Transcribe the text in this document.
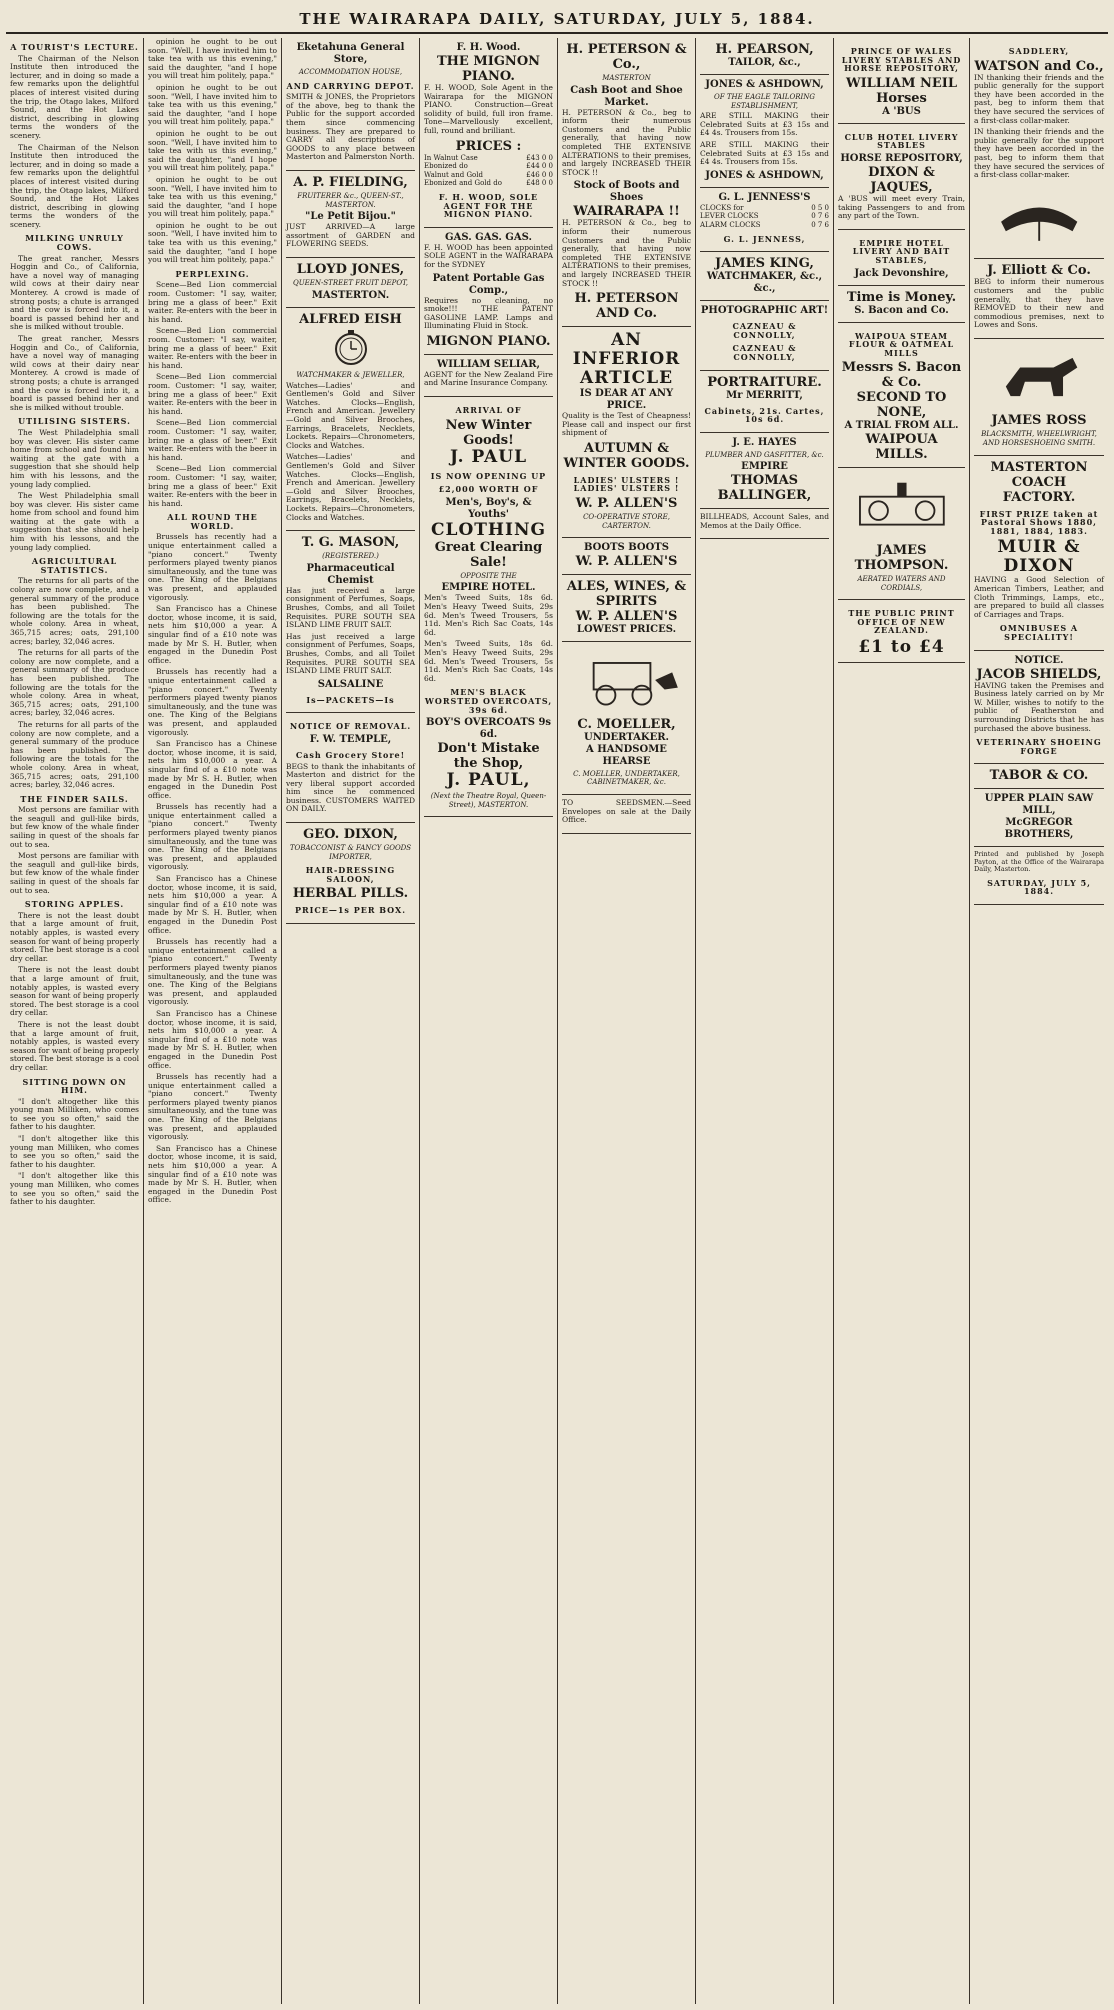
THE WAIRARAPA DAILY, SATURDAY, JULY 5, 1884.
A TOURIST'S LECTURE.

The Chairman of the Nelson Institute then introduced the lecturer, and in doing so made a few remarks upon the delightful places of interest visited during the trip, the Otago lakes, Milford Sound, and the Hot Lakes district, describing in glowing terms the wonders of the scenery.

The Chairman of the Nelson Institute then introduced the lecturer, and in doing so made a few remarks upon the delightful places of interest visited during the trip, the Otago lakes, Milford Sound, and the Hot Lakes district, describing in glowing terms the wonders of the scenery.

MILKING UNRULY COWS.

The great rancher, Messrs Hoggin and Co., of California, have a novel way of managing wild cows at their dairy near Monterey. A crowd is made of strong posts; a chute is arranged and the cow is forced into it, a board is passed behind her and she is milked without trouble.

The great rancher, Messrs Hoggin and Co., of California, have a novel way of managing wild cows at their dairy near Monterey. A crowd is made of strong posts; a chute is arranged and the cow is forced into it, a board is passed behind her and she is milked without trouble.

UTILISING SISTERS.

The West Philadelphia small boy was clever. His sister came home from school and found him waiting at the gate with a suggestion that she should help him with his lessons, and the young lady complied.

The West Philadelphia small boy was clever. His sister came home from school and found him waiting at the gate with a suggestion that she should help him with his lessons, and the young lady complied.

AGRICULTURAL STATISTICS.

The returns for all parts of the colony are now complete, and a general summary of the produce has been published. The following are the totals for the whole colony. Area in wheat, 365,715 acres; oats, 291,100 acres; barley, 32,046 acres.

The returns for all parts of the colony are now complete, and a general summary of the produce has been published. The following are the totals for the whole colony. Area in wheat, 365,715 acres; oats, 291,100 acres; barley, 32,046 acres.

The returns for all parts of the colony are now complete, and a general summary of the produce has been published. The following are the totals for the whole colony. Area in wheat, 365,715 acres; oats, 291,100 acres; barley, 32,046 acres.

THE FINDER SAILS.

Most persons are familiar with the seagull and gull-like birds, but few know of the whale finder sailing in quest of the shoals far out to sea.

Most persons are familiar with the seagull and gull-like birds, but few know of the whale finder sailing in quest of the shoals far out to sea.

STORING APPLES.

There is not the least doubt that a large amount of fruit, notably apples, is wasted every season for want of being properly stored. The best storage is a cool dry cellar.

There is not the least doubt that a large amount of fruit, notably apples, is wasted every season for want of being properly stored. The best storage is a cool dry cellar.

There is not the least doubt that a large amount of fruit, notably apples, is wasted every season for want of being properly stored. The best storage is a cool dry cellar.

SITTING DOWN ON HIM.

"I don't altogether like this young man Milliken, who comes to see you so often," said the father to his daughter.

"I don't altogether like this young man Milliken, who comes to see you so often," said the father to his daughter.

"I don't altogether like this young man Milliken, who comes to see you so often," said the father to his daughter.

opinion he ought to be out soon. "Well, I have invited him to take tea with us this evening," said the daughter, "and I hope you will treat him politely, papa."

opinion he ought to be out soon. "Well, I have invited him to take tea with us this evening," said the daughter, "and I hope you will treat him politely, papa."

opinion he ought to be out soon. "Well, I have invited him to take tea with us this evening," said the daughter, "and I hope you will treat him politely, papa."

opinion he ought to be out soon. "Well, I have invited him to take tea with us this evening," said the daughter, "and I hope you will treat him politely, papa."

opinion he ought to be out soon. "Well, I have invited him to take tea with us this evening," said the daughter, "and I hope you will treat him politely, papa."

PERPLEXING.

Scene—Bed Lion commercial room. Customer: "I say, waiter, bring me a glass of beer." Exit waiter. Re-enters with the beer in his hand.

Scene—Bed Lion commercial room. Customer: "I say, waiter, bring me a glass of beer." Exit waiter. Re-enters with the beer in his hand.

Scene—Bed Lion commercial room. Customer: "I say, waiter, bring me a glass of beer." Exit waiter. Re-enters with the beer in his hand.

Scene—Bed Lion commercial room. Customer: "I say, waiter, bring me a glass of beer." Exit waiter. Re-enters with the beer in his hand.

Scene—Bed Lion commercial room. Customer: "I say, waiter, bring me a glass of beer." Exit waiter. Re-enters with the beer in his hand.

ALL ROUND THE WORLD.

Brussels has recently had a unique entertainment called a "piano concert." Twenty performers played twenty pianos simultaneously, and the tune was one. The King of the Belgians was present, and applauded vigorously.

San Francisco has a Chinese doctor, whose income, it is said, nets him $10,000 a year. A singular find of a £10 note was made by Mr S. H. Butler, when engaged in the Dunedin Post office.

Brussels has recently had a unique entertainment called a "piano concert." Twenty performers played twenty pianos simultaneously, and the tune was one. The King of the Belgians was present, and applauded vigorously.

San Francisco has a Chinese doctor, whose income, it is said, nets him $10,000 a year. A singular find of a £10 note was made by Mr S. H. Butler, when engaged in the Dunedin Post office.

Brussels has recently had a unique entertainment called a "piano concert." Twenty performers played twenty pianos simultaneously, and the tune was one. The King of the Belgians was present, and applauded vigorously.

San Francisco has a Chinese doctor, whose income, it is said, nets him $10,000 a year. A singular find of a £10 note was made by Mr S. H. Butler, when engaged in the Dunedin Post office.

Brussels has recently had a unique entertainment called a "piano concert." Twenty performers played twenty pianos simultaneously, and the tune was one. The King of the Belgians was present, and applauded vigorously.

San Francisco has a Chinese doctor, whose income, it is said, nets him $10,000 a year. A singular find of a £10 note was made by Mr S. H. Butler, when engaged in the Dunedin Post office.

Brussels has recently had a unique entertainment called a "piano concert." Twenty performers played twenty pianos simultaneously, and the tune was one. The King of the Belgians was present, and applauded vigorously.

San Francisco has a Chinese doctor, whose income, it is said, nets him $10,000 a year. A singular find of a £10 note was made by Mr S. H. Butler, when engaged in the Dunedin Post office.

Eketahuna General Store,
ACCOMMODATION HOUSE,
AND CARRYING DEPOT.

SMITH & JONES, the Proprietors of the above, beg to thank the Public for the support accorded them since commencing business. They are prepared to CARRY all descriptions of GOODS to any place between Masterton and Palmerston North.

A. P. FIELDING,
FRUITERER &c., QUEEN-ST., MASTERTON.
"Le Petit Bijou."

JUST ARRIVED—A large assortment of GARDEN and FLOWERING SEEDS.

LLOYD JONES,
QUEEN-STREET FRUIT DEPOT,
MASTERTON.
ALFRED EISH
WATCHMAKER & JEWELLER,

Watches—Ladies' and Gentlemen's Gold and Silver Watches. Clocks—English, French and American. Jewellery—Gold and Silver Brooches, Earrings, Bracelets, Necklets, Lockets. Repairs—Chronometers, Clocks and Watches.

Watches—Ladies' and Gentlemen's Gold and Silver Watches. Clocks—English, French and American. Jewellery—Gold and Silver Brooches, Earrings, Bracelets, Necklets, Lockets. Repairs—Chronometers, Clocks and Watches.

T. G. MASON,
(REGISTERED.)
Pharmaceutical Chemist

Has just received a large consignment of Perfumes, Soaps, Brushes, Combs, and all Toilet Requisites. PURE SOUTH SEA ISLAND LIME FRUIT SALT.

Has just received a large consignment of Perfumes, Soaps, Brushes, Combs, and all Toilet Requisites. PURE SOUTH SEA ISLAND LIME FRUIT SALT.

SALSALINE
Is—PACKETS—Is
NOTICE OF REMOVAL.
F. W. TEMPLE,
Cash Grocery Store!

BEGS to thank the inhabitants of Masterton and district for the very liberal support accorded him since he commenced business. CUSTOMERS WAITED ON DAILY.

GEO. DIXON,
TOBACCONIST & FANCY GOODS IMPORTER,
HAIR-DRESSING SALOON,
HERBAL PILLS.
PRICE—1s PER BOX.
F. H. Wood.
THE MIGNON PIANO.

F. H. WOOD, Sole Agent in the Wairarapa for the MIGNON PIANO. Construction—Great solidity of build, full iron frame. Tone—Marvellously excellent, full, round and brilliant.

PRICES :
In Walnut Case	£43 0 0
Ebonized do	£44 0 0
Walnut and Gold	£46 0 0
Ebonized and Gold do	£48 0 0
F. H. WOOD, SOLE AGENT FOR THE MIGNON PIANO.
GAS. GAS. GAS.

F. H. WOOD has been appointed SOLE AGENT in the WAIRARAPA for the SYDNEY

Patent Portable Gas Comp.,

Requires no cleaning, no smoke!!! THE PATENT GASOLINE LAMP. Lamps and Illuminating Fluid in Stock.

MIGNON PIANO.
WILLIAM SELIAR,

AGENT for the New Zealand Fire and Marine Insurance Company.

ARRIVAL OF
New Winter Goods!
J. PAUL
IS NOW OPENING UP
£2,000 WORTH OF
Men's, Boy's, & Youths'
CLOTHING
Great Clearing Sale!
OPPOSITE THE
EMPIRE HOTEL.

Men's Tweed Suits, 18s 6d. Men's Heavy Tweed Suits, 29s 6d. Men's Tweed Trousers, 5s 11d. Men's Rich Sac Coats, 14s 6d.

Men's Tweed Suits, 18s 6d. Men's Heavy Tweed Suits, 29s 6d. Men's Tweed Trousers, 5s 11d. Men's Rich Sac Coats, 14s 6d.

MEN'S BLACK WORSTED OVERCOATS, 39s 6d.
BOY'S OVERCOATS 9s 6d.
Don't Mistake the Shop,
J. PAUL,
(Next the Theatre Royal, Queen-Street), MASTERTON.
H. PETERSON & Co.,
MASTERTON
Cash Boot and Shoe Market.

H. PETERSON & Co., beg to inform their numerous Customers and the Public generally, that having now completed THE EXTENSIVE ALTERATIONS to their premises, and largely INCREASED THEIR STOCK !!

Stock of Boots and Shoes
WAIRARAPA !!

H. PETERSON & Co., beg to inform their numerous Customers and the Public generally, that having now completed THE EXTENSIVE ALTERATIONS to their premises, and largely INCREASED THEIR STOCK !!

H. PETERSON AND Co.
AN INFERIOR ARTICLE
IS DEAR AT ANY PRICE.

Quality is the Test of Cheapness! Please call and inspect our first shipment of

AUTUMN & WINTER GOODS.
LADIES' ULSTERS ! LADIES' ULSTERS !
W. P. ALLEN'S
CO-OPERATIVE STORE, CARTERTON.
BOOTS BOOTS
W. P. ALLEN'S
ALES, WINES, & SPIRITS
W. P. ALLEN'S
LOWEST PRICES.
C. MOELLER,
UNDERTAKER.
A HANDSOME HEARSE
C. MOELLER, UNDERTAKER, CABINETMAKER, &c.

TO SEEDSMEN.—Seed Envelopes on sale at the Daily Office.

H. PEARSON,
TAILOR, &c.,
JONES & ASHDOWN,
OF THE EAGLE TAILORING ESTABLISHMENT,

ARE STILL MAKING their Celebrated Suits at £3 15s and £4 4s. Trousers from 15s.

ARE STILL MAKING their Celebrated Suits at £3 15s and £4 4s. Trousers from 15s.

JONES & ASHDOWN,
G. L. JENNESS'S
CLOCKS for	0 5 0
LEVER CLOCKS	0 7 6
ALARM CLOCKS	0 7 6
G. L. JENNESS,
JAMES KING,
WATCHMAKER, &c., &c.,
PHOTOGRAPHIC ART!
CAZNEAU & CONNOLLY,
CAZNEAU & CONNOLLY,
PORTRAITURE.
Mr MERRITT,
Cabinets, 21s. Cartes, 10s 6d.
J. E. HAYES
PLUMBER AND GASFITTER, &c.
EMPIRE
THOMAS BALLINGER,

BILLHEADS, Account Sales, and Memos at the Daily Office.

PRINCE OF WALES LIVERY STABLES AND HORSE REPOSITORY,
WILLIAM NEIL
Horses
A 'BUS
CLUB HOTEL LIVERY STABLES
HORSE REPOSITORY,
DIXON & JAQUES,

A 'BUS will meet every Train, taking Passengers to and from any part of the Town.

EMPIRE HOTEL LIVERY AND BAIT STABLES,
Jack Devonshire,
Time is Money.
S. Bacon and Co.
WAIPOUA STEAM FLOUR & OATMEAL MILLS
Messrs S. Bacon & Co.
SECOND TO NONE,
A TRIAL FROM ALL.
WAIPOUA MILLS.
JAMES THOMPSON.
AERATED WATERS AND CORDIALS,
THE PUBLIC PRINT OFFICE OF NEW ZEALAND.
£1 to £4
SADDLERY,
WATSON and Co.,

IN thanking their friends and the public generally for the support they have been accorded in the past, beg to inform them that they have secured the services of a first-class collar-maker.

IN thanking their friends and the public generally for the support they have been accorded in the past, beg to inform them that they have secured the services of a first-class collar-maker.

J. Elliott & Co.

BEG to inform their numerous customers and the public generally, that they have REMOVED to their new and commodious premises, next to Lowes and Sons.

JAMES ROSS
BLACKSMITH, WHEELWRIGHT, AND HORSESHOEING SMITH.
MASTERTON COACH FACTORY.
FIRST PRIZE taken at Pastoral Shows 1880, 1881, 1884, 1883.
MUIR & DIXON

HAVING a Good Selection of American Timbers, Leather, and Cloth Trimmings, Lamps, etc., are prepared to build all classes of Carriages and Traps.

OMNIBUSES A SPECIALITY!
NOTICE.
JACOB SHIELDS,

HAVING taken the Premises and Business lately carried on by Mr W. Miller, wishes to notify to the public of Featherston and surrounding Districts that he has purchased the above business.

VETERINARY SHOEING FORGE
TABOR & CO.
UPPER PLAIN SAW MILL,
McGREGOR BROTHERS,

Printed and published by Joseph Payton, at the Office of the Wairarapa Daily, Masterton.

SATURDAY, JULY 5, 1884.
